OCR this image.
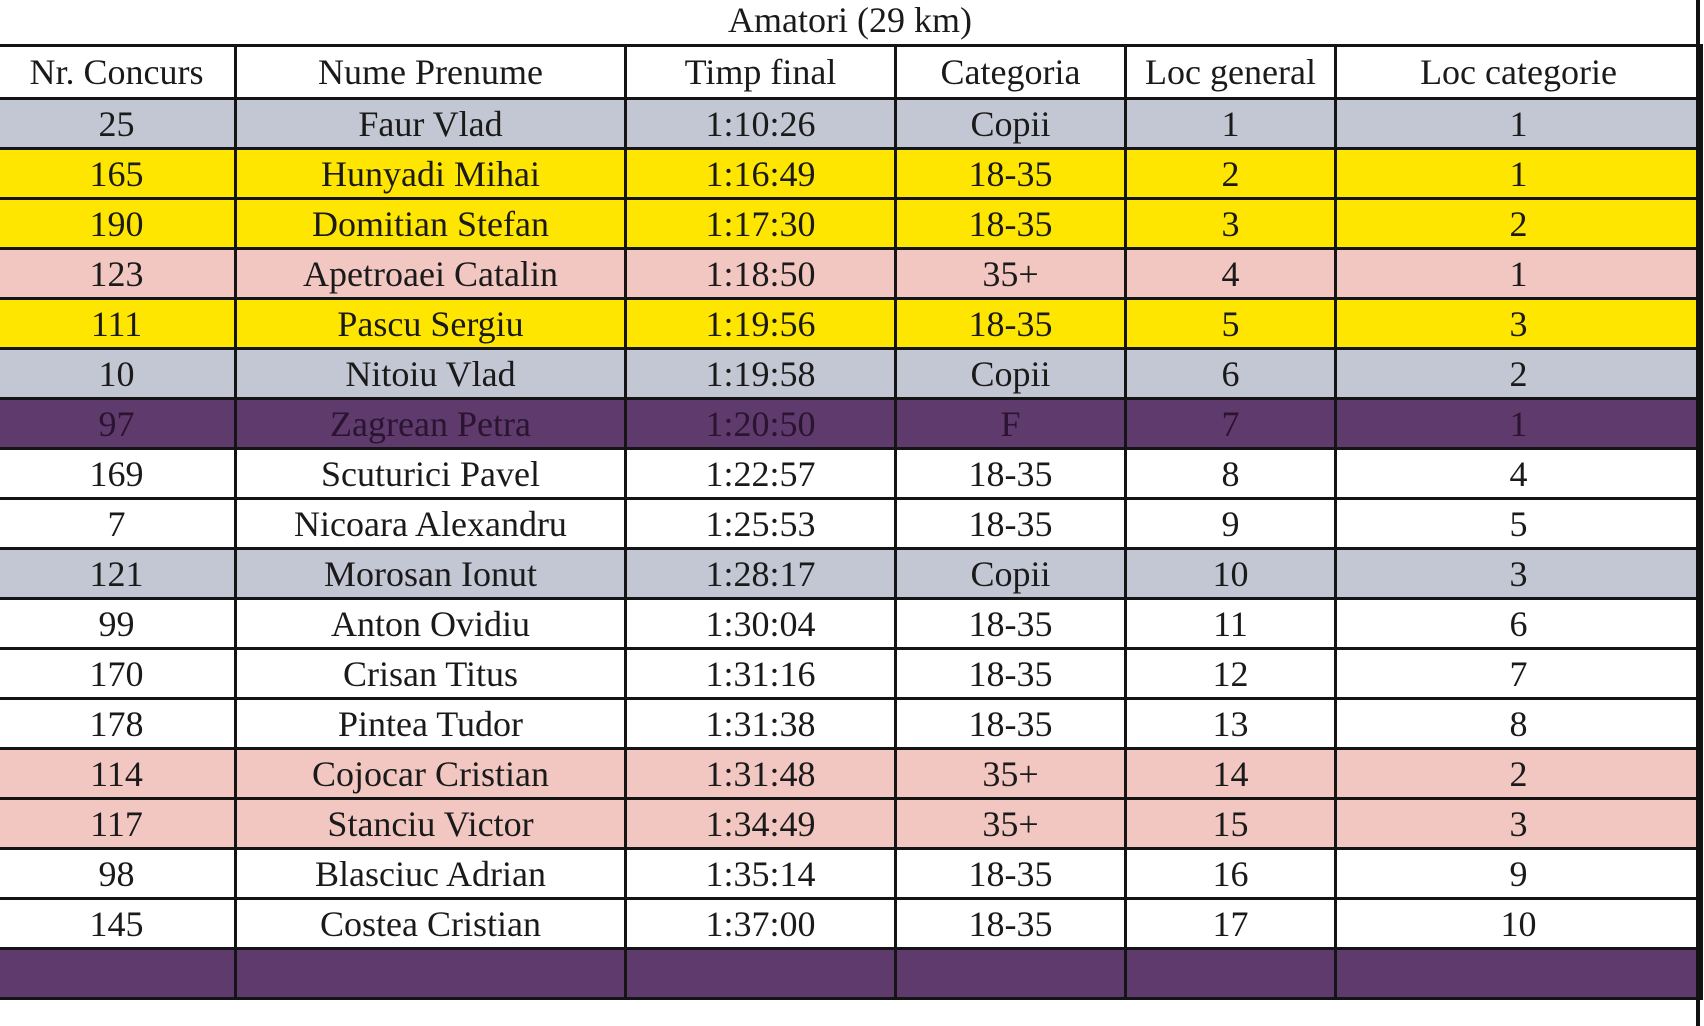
Amatori (29 km)
Nr. Concurs	Nume Prenume	Timp final	Categoria	Loc general	Loc categorie
25	Faur Vlad	1:10:26	Copii	1	1
165	Hunyadi Mihai	1:16:49	18-35	2	1
190	Domitian Stefan	1:17:30	18-35	3	2
123	Apetroaei Catalin	1:18:50	35+	4	1
111	Pascu Sergiu	1:19:56	18-35	5	3
10	Nitoiu Vlad	1:19:58	Copii	6	2
97	Zagrean Petra	1:20:50	F	7	1
169	Scuturici Pavel	1:22:57	18-35	8	4
7	Nicoara Alexandru	1:25:53	18-35	9	5
121	Morosan Ionut	1:28:17	Copii	10	3
99	Anton Ovidiu	1:30:04	18-35	11	6
170	Crisan Titus	1:31:16	18-35	12	7
178	Pintea Tudor	1:31:38	18-35	13	8
114	Cojocar Cristian	1:31:48	35+	14	2
117	Stanciu Victor	1:34:49	35+	15	3
98	Blasciuc Adrian	1:35:14	18-35	16	9
145	Costea Cristian	1:37:00	18-35	17	10
